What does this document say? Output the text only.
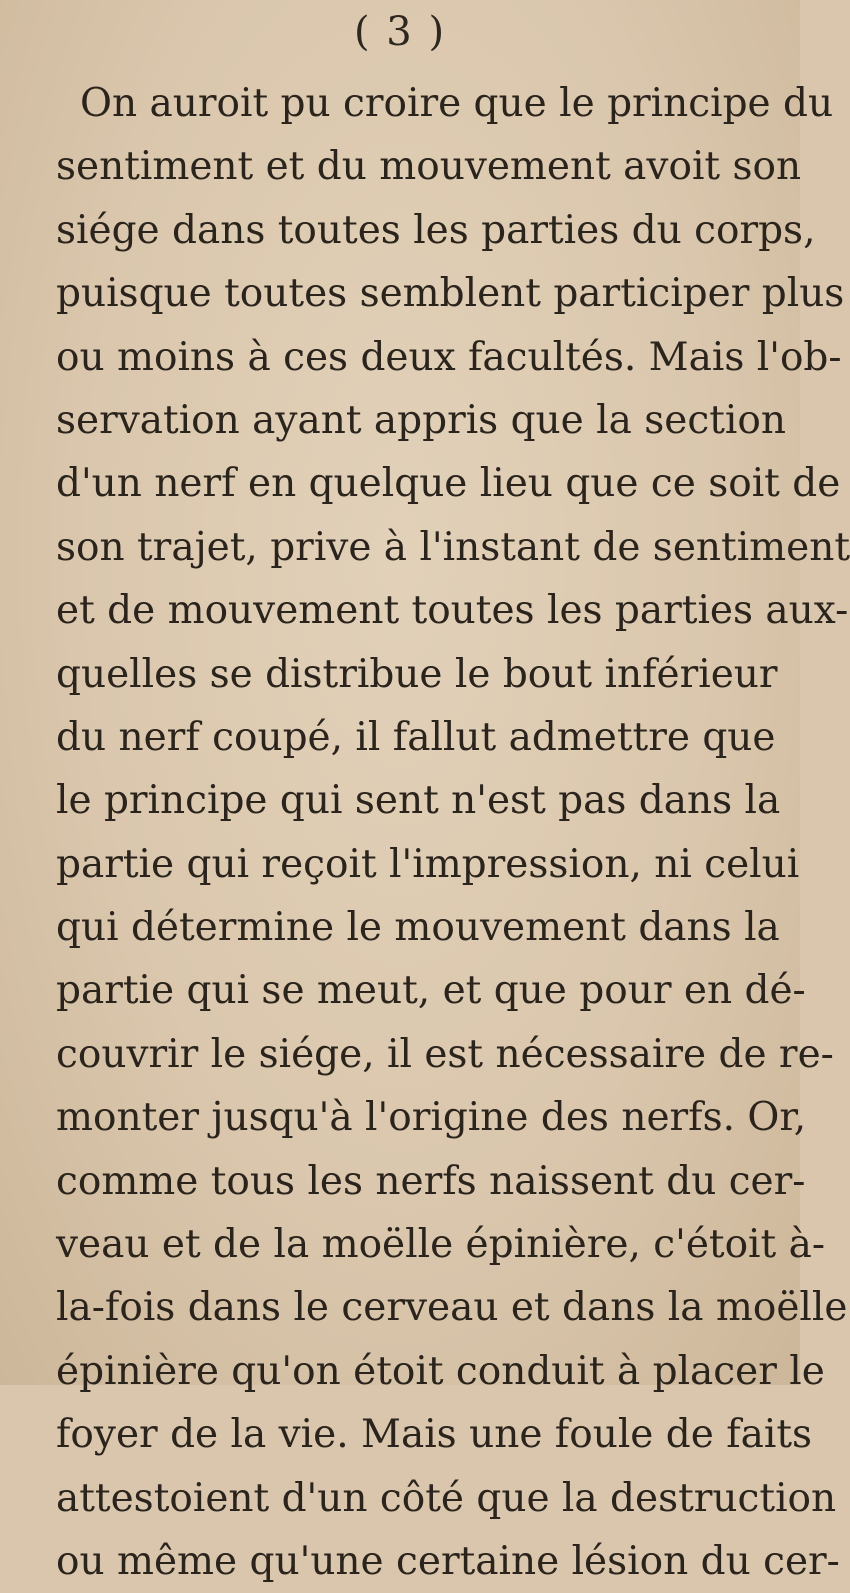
( 3 )
On auroit pu croire que le principe du
sentiment et du mouvement avoit son
siége dans toutes les parties du corps,
puisque toutes semblent participer plus
ou moins à ces deux facultés. Mais l'ob-
servation ayant appris que la section
d'un nerf en quelque lieu que ce soit de
son trajet, prive à l'instant de sentiment
et de mouvement toutes les parties aux-
quelles se distribue le bout inférieur
du nerf coupé, il fallut admettre que
le principe qui sent n'est pas dans la
partie qui reçoit l'impression, ni celui
qui détermine le mouvement dans la
partie qui se meut, et que pour en dé-
couvrir le siége, il est nécessaire de re-
monter jusqu'à l'origine des nerfs. Or,
comme tous les nerfs naissent du cer-
veau et de la moëlle épinière, c'étoit à-
la-fois dans le cerveau et dans la moëlle
épinière qu'on étoit conduit à placer le
foyer de la vie. Mais une foule de faits
attestoient d'un côté que la destruction
ou même qu'une certaine lésion du cer-
